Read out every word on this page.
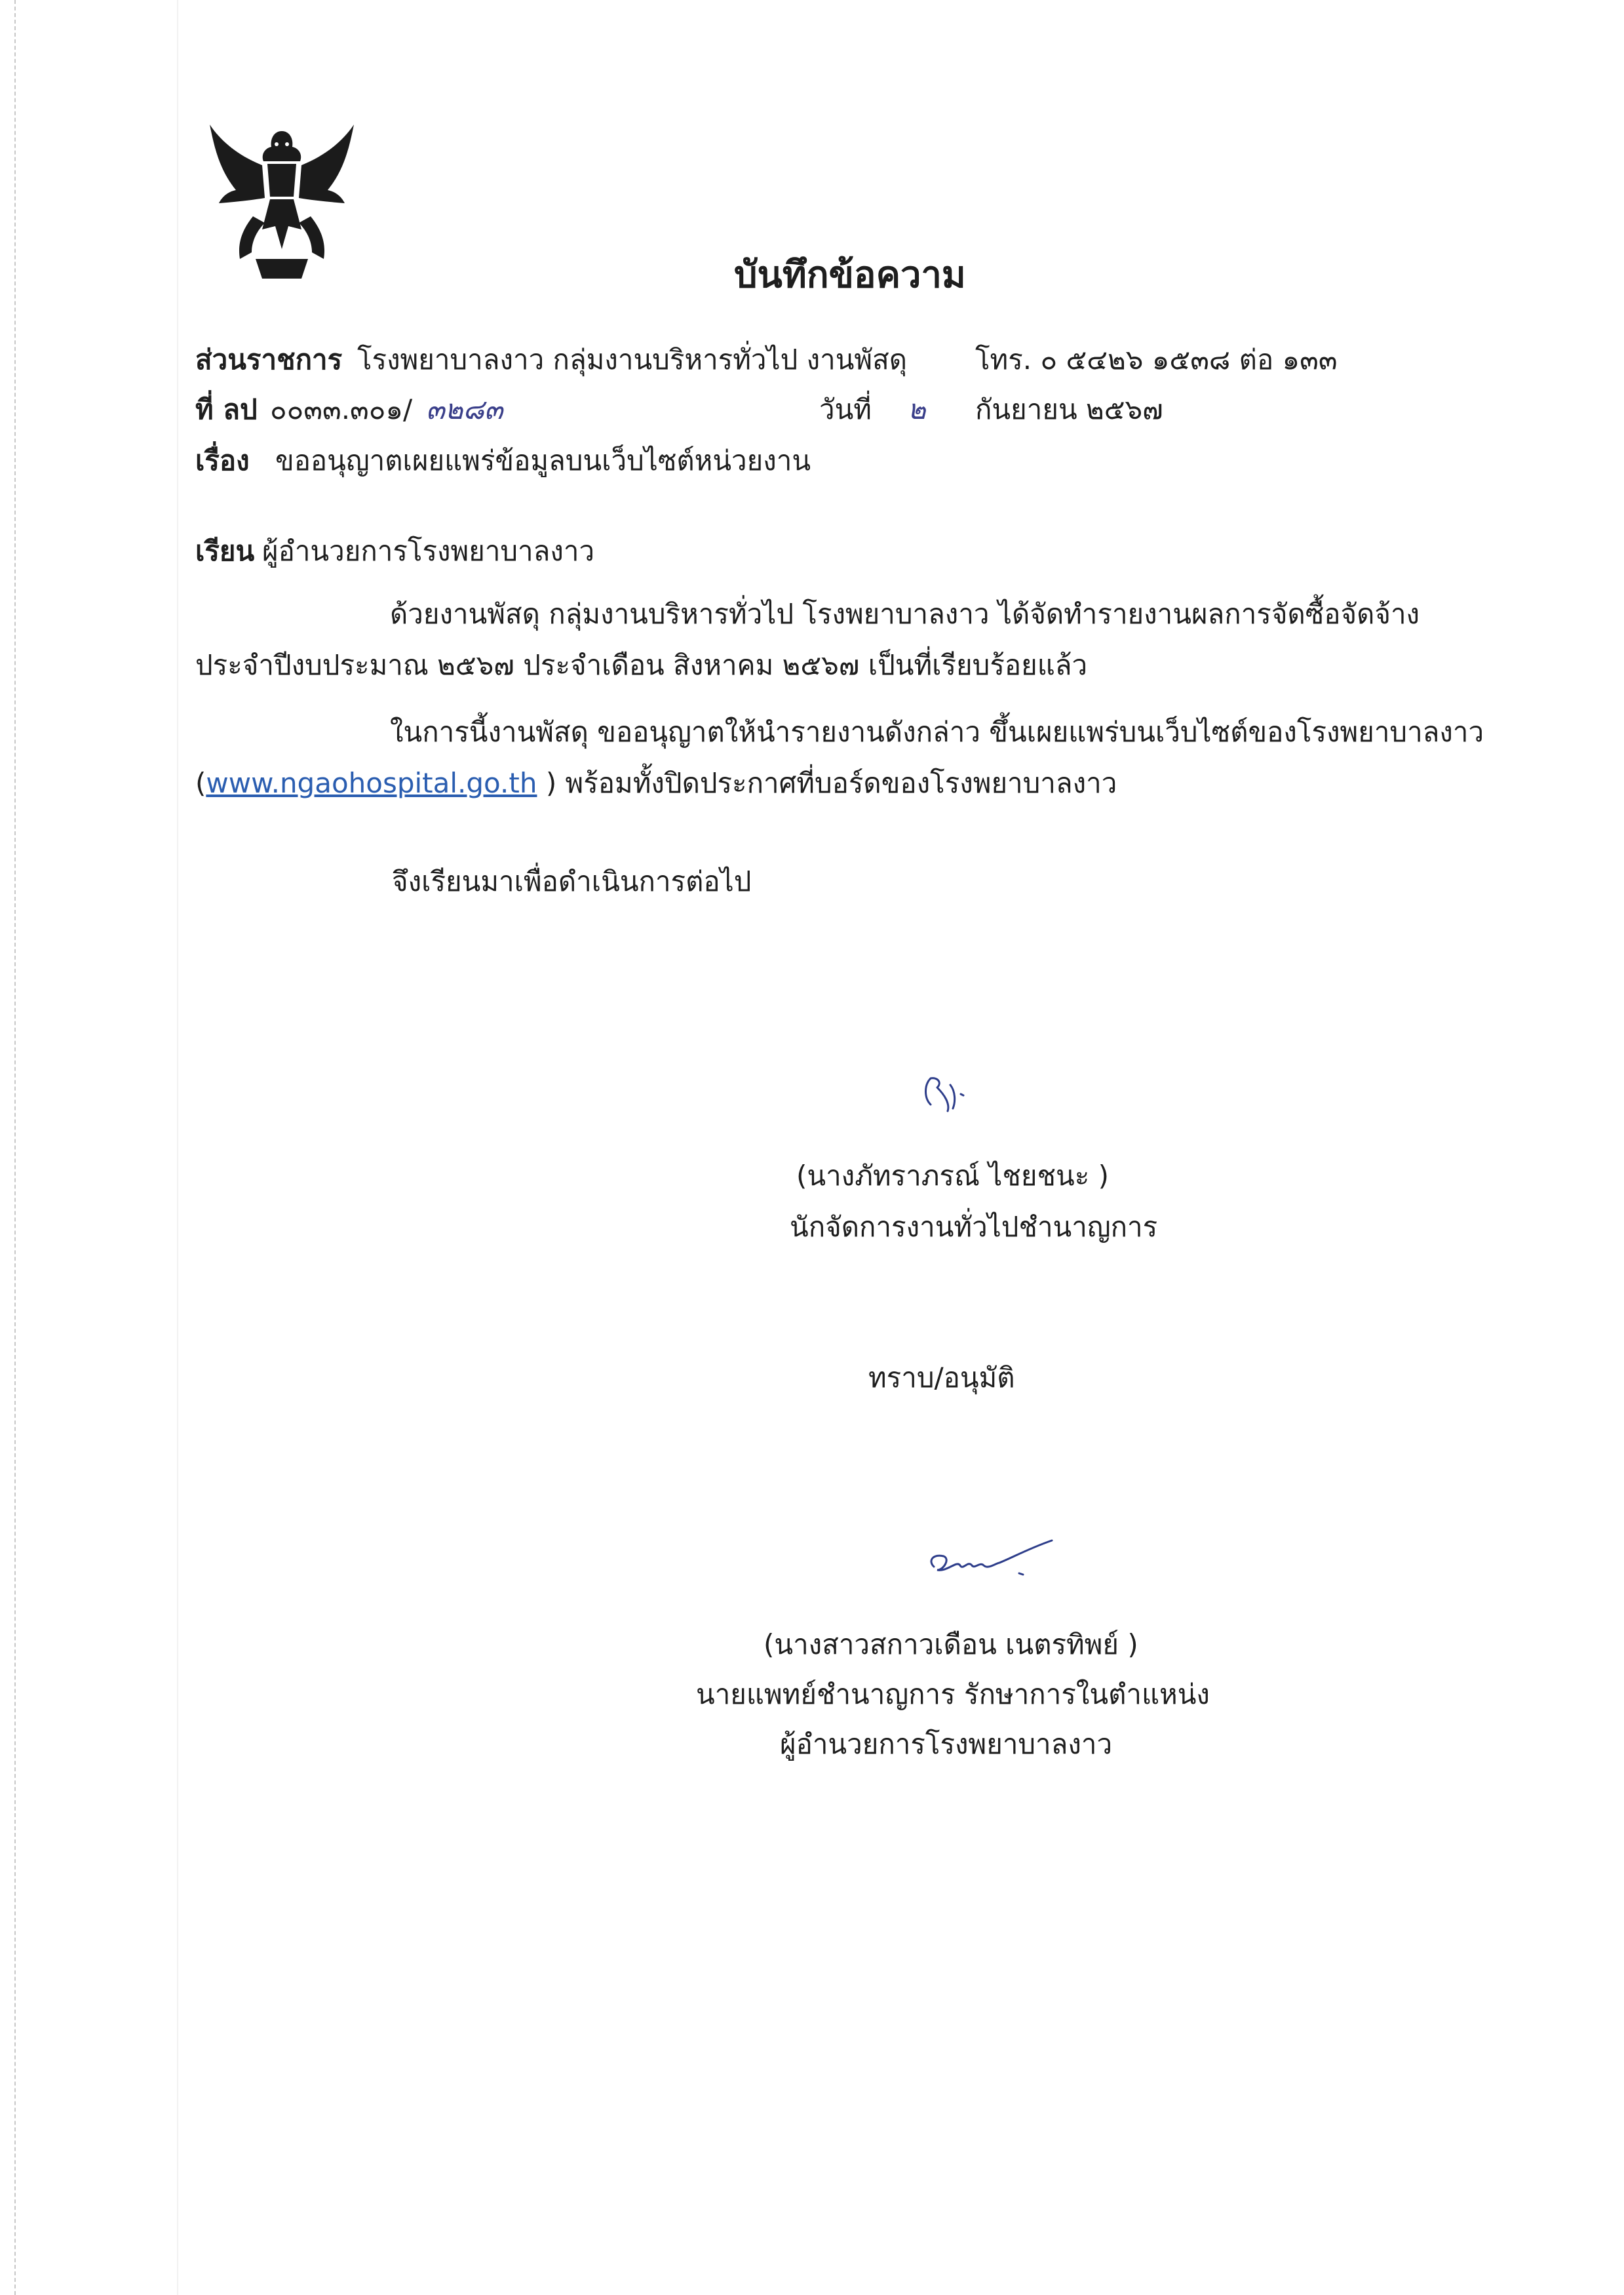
บันทึกข้อความ
ส่วนราชการ โรงพยาบาลงาว กลุ่มงานบริหารทั่วไป งานพัสดุ โทร. ๐ ๕๔๒๖ ๑๕๓๘ ต่อ ๑๓๓
ที่ ลป ๐๐๓๓.๓๐๑/ ๓๒๘๓	วันที่ ๒ กันยายน ๒๕๖๗
เรื่อง ขออนุญาตเผยแพร่ข้อมูลบนเว็บไซต์หน่วยงาน
เรียน ผู้อำนวยการโรงพยาบาลงาว
ด้วยงานพัสดุ กลุ่มงานบริหารทั่วไป โรงพยาบาลงาว ได้จัดทำรายงานผลการจัดซื้อจัดจ้าง
ประจำปีงบประมาณ ๒๕๖๗ ประจำเดือน สิงหาคม ๒๕๖๗ เป็นที่เรียบร้อยแล้ว
ในการนี้งานพัสดุ ขออนุญาตให้นำรายงานดังกล่าว ขึ้นเผยแพร่บนเว็บไซต์ของโรงพยาบาลงาว
(www.ngaohospital.go.th ) พร้อมทั้งปิดประกาศที่บอร์ดของโรงพยาบาลงาว
จึงเรียนมาเพื่อดำเนินการต่อไป
(นางภัทราภรณ์ ไชยชนะ )
นักจัดการงานทั่วไปชำนาญการ
ทราบ/อนุมัติ
(นางสาวสกาวเดือน เนตรทิพย์ )
นายแพทย์ชำนาญการ รักษาการในตำแหน่ง
ผู้อำนวยการโรงพยาบาลงาว
